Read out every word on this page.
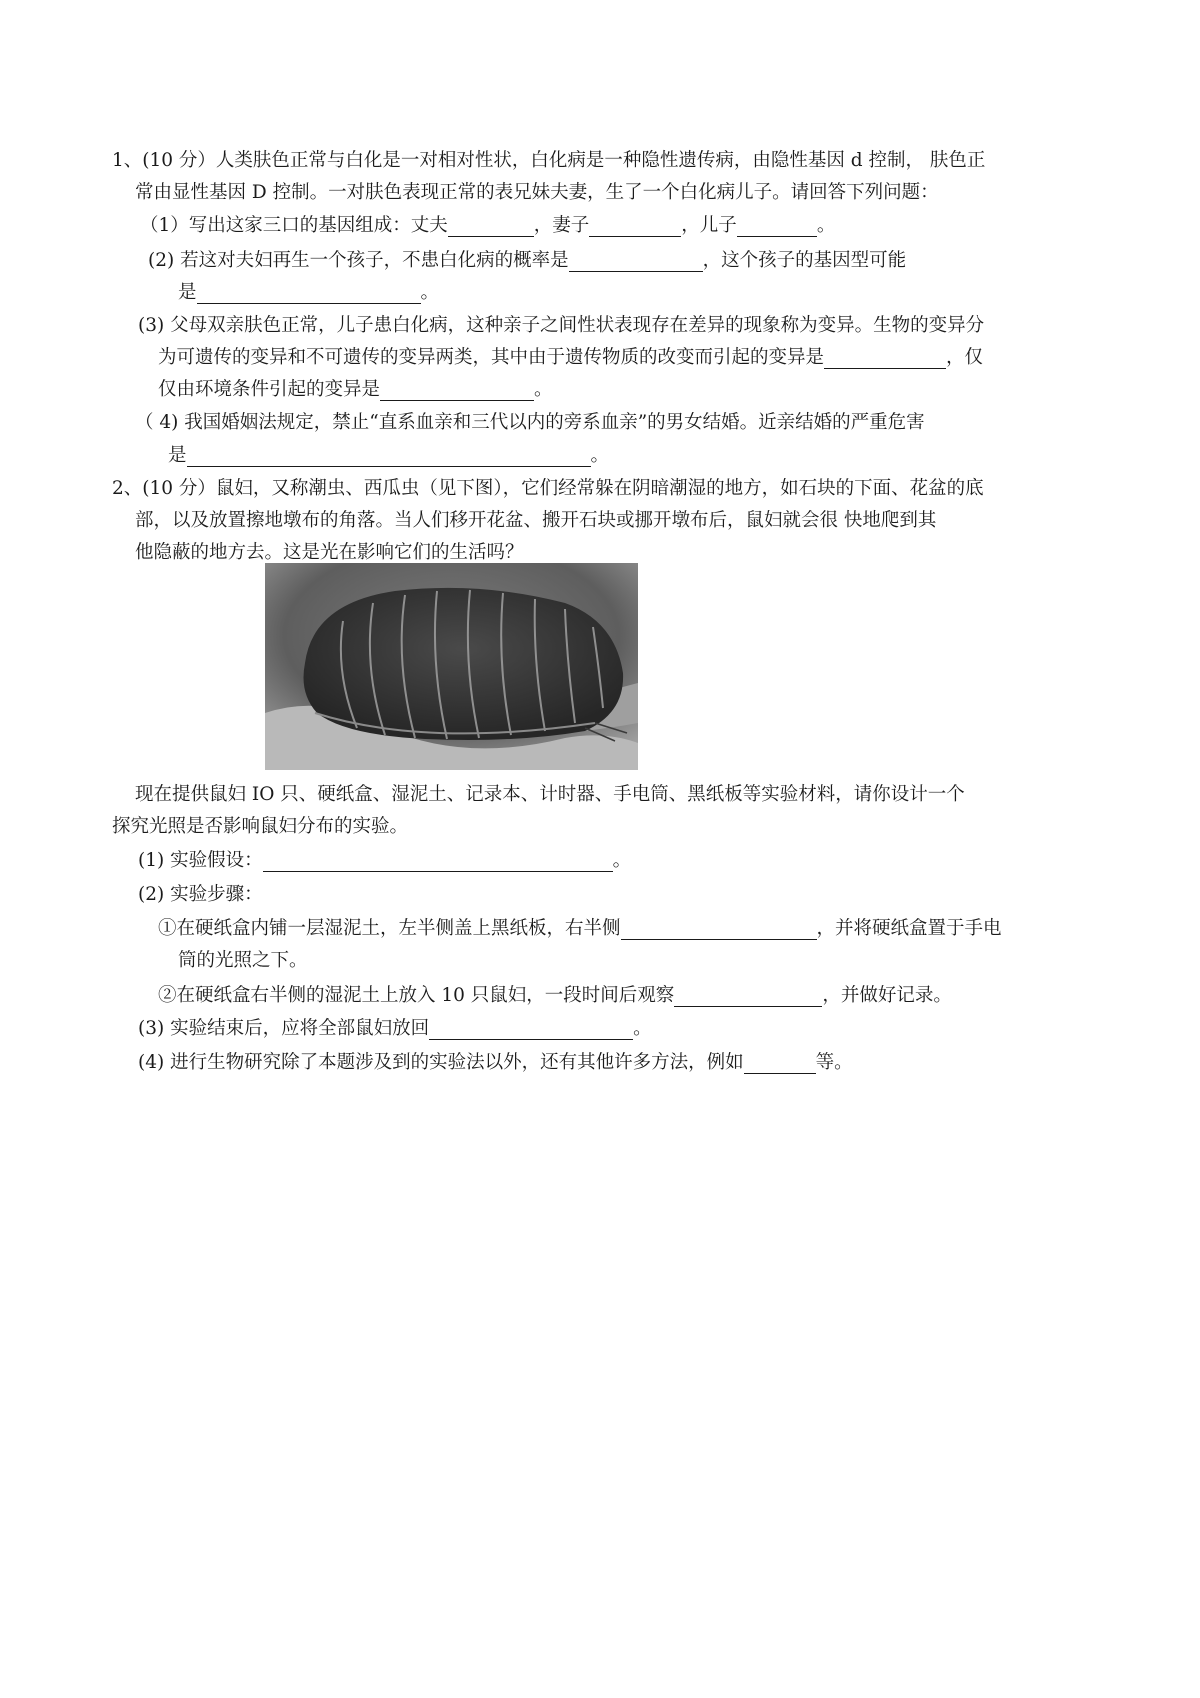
1、(10 分）人类肤色正常与白化是一对相对性状，白化病是一种隐性遗传病，由隐性基因 d 控制， 肤色正
常由显性基因 D 控制。一对肤色表现正常的表兄妹夫妻，生了一个白化病儿子。请回答下列问题：
（1）写出这家三口的基因组成：丈夫	，妻子	，儿子	。
(2) 若这对夫妇再生一个孩子，不患白化病的概率是	，这个孩子的基因型可能
是	。
(3) 父母双亲肤色正常，儿子患白化病，这种亲子之间性状表现存在差异的现象称为变异。生物的变异分
为可遗传的变异和不可遗传的变异两类，其中由于遗传物质的改变而引起的变异是	，仅
仅由环境条件引起的变异是	。
（ 4) 我国婚姻法规定，禁止“直系血亲和三代以内的旁系血亲”的男女结婚。近亲结婚的严重危害
是	。
2、(10 分）鼠妇，又称潮虫、西瓜虫（见下图），它们经常躲在阴暗潮湿的地方，如石块的下面、花盆的底
部，以及放置擦地墩布的角落。当人们移开花盆、搬开石块或挪开墩布后，鼠妇就会很 快地爬到其
他隐蔽的地方去。这是光在影响它们的生活吗？
现在提供鼠妇 IO 只、硬纸盒、湿泥土、记录本、计时器、手电筒、黑纸板等实验材料，请你设计一个
探究光照是否影响鼠妇分布的实验。
(1) 实验假设：	。
(2) 实验步骤：
①在硬纸盒内铺一层湿泥土，左半侧盖上黑纸板，右半侧	，并将硬纸盒置于手电
筒的光照之下。
②在硬纸盒右半侧的湿泥土上放入 10 只鼠妇，一段时间后观察	，并做好记录。
(3) 实验结束后，应将全部鼠妇放回	。
(4) 进行生物研究除了本题涉及到的实验法以外，还有其他许多方法，例如	等。
